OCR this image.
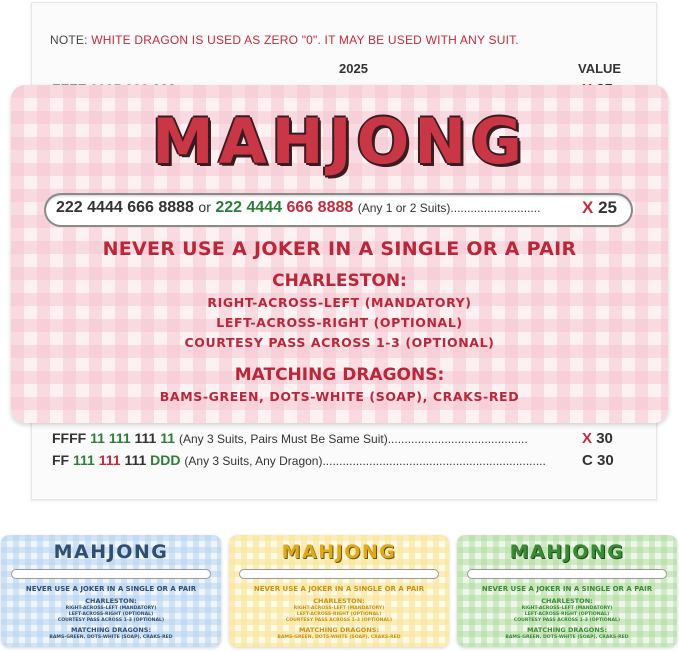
NOTE: WHITE DRAGON IS USED AS ZERO "0". IT MAY BE USED WITH ANY SUIT.
2025	VALUE
FFFF 11 111 111 11 (Any 3 Suits, Pairs Must Be Same Suit)..........................................	X 30
FF 111 111 111 DDD (Any 3 Suits, Any Dragon)................................................................... C 30
MAHJONG
222 4444 666 8888 or 222 4444 666 8888 (Any 1 or 2 Suits)........................... X 25
NEVER USE A JOKER IN A SINGLE OR A PAIR
CHARLESTON:
RIGHT-ACROSS-LEFT (MANDATORY)
LEFT-ACROSS-RIGHT (OPTIONAL)
COURTESY PASS ACROSS 1-3 (OPTIONAL)
MATCHING DRAGONS:
BAMS-GREEN, DOTS-WHITE (SOAP), CRAKS-RED
MAHJONG
NEVER USE A JOKER IN A SINGLE OR A PAIR
CHARLESTON:
RIGHT-ACROSS-LEFT (MANDATORY)
LEFT-ACROSS-RIGHT (OPTIONAL)
COURTESY PASS ACROSS 1-3 (OPTIONAL)
MATCHING DRAGONS:
BAMS-GREEN, DOTS-WHITE (SOAP), CRAKS-RED
MAHJONG
NEVER USE A JOKER IN A SINGLE OR A PAIR
CHARLESTON:
RIGHT-ACROSS-LEFT (MANDATORY)
LEFT-ACROSS-RIGHT (OPTIONAL)
COURTESY PASS ACROSS 1-3 (OPTIONAL)
MATCHING DRAGONS:
BAMS-GREEN, DOTS-WHITE (SOAP), CRAKS-RED
MAHJONG
NEVER USE A JOKER IN A SINGLE OR A PAIR
CHARLESTON:
RIGHT-ACROSS-LEFT (MANDATORY)
LEFT-ACROSS-RIGHT (OPTIONAL)
COURTESY PASS ACROSS 1-3 (OPTIONAL)
MATCHING DRAGONS:
BAMS-GREEN, DOTS-WHITE (SOAP), CRAKS-RED
